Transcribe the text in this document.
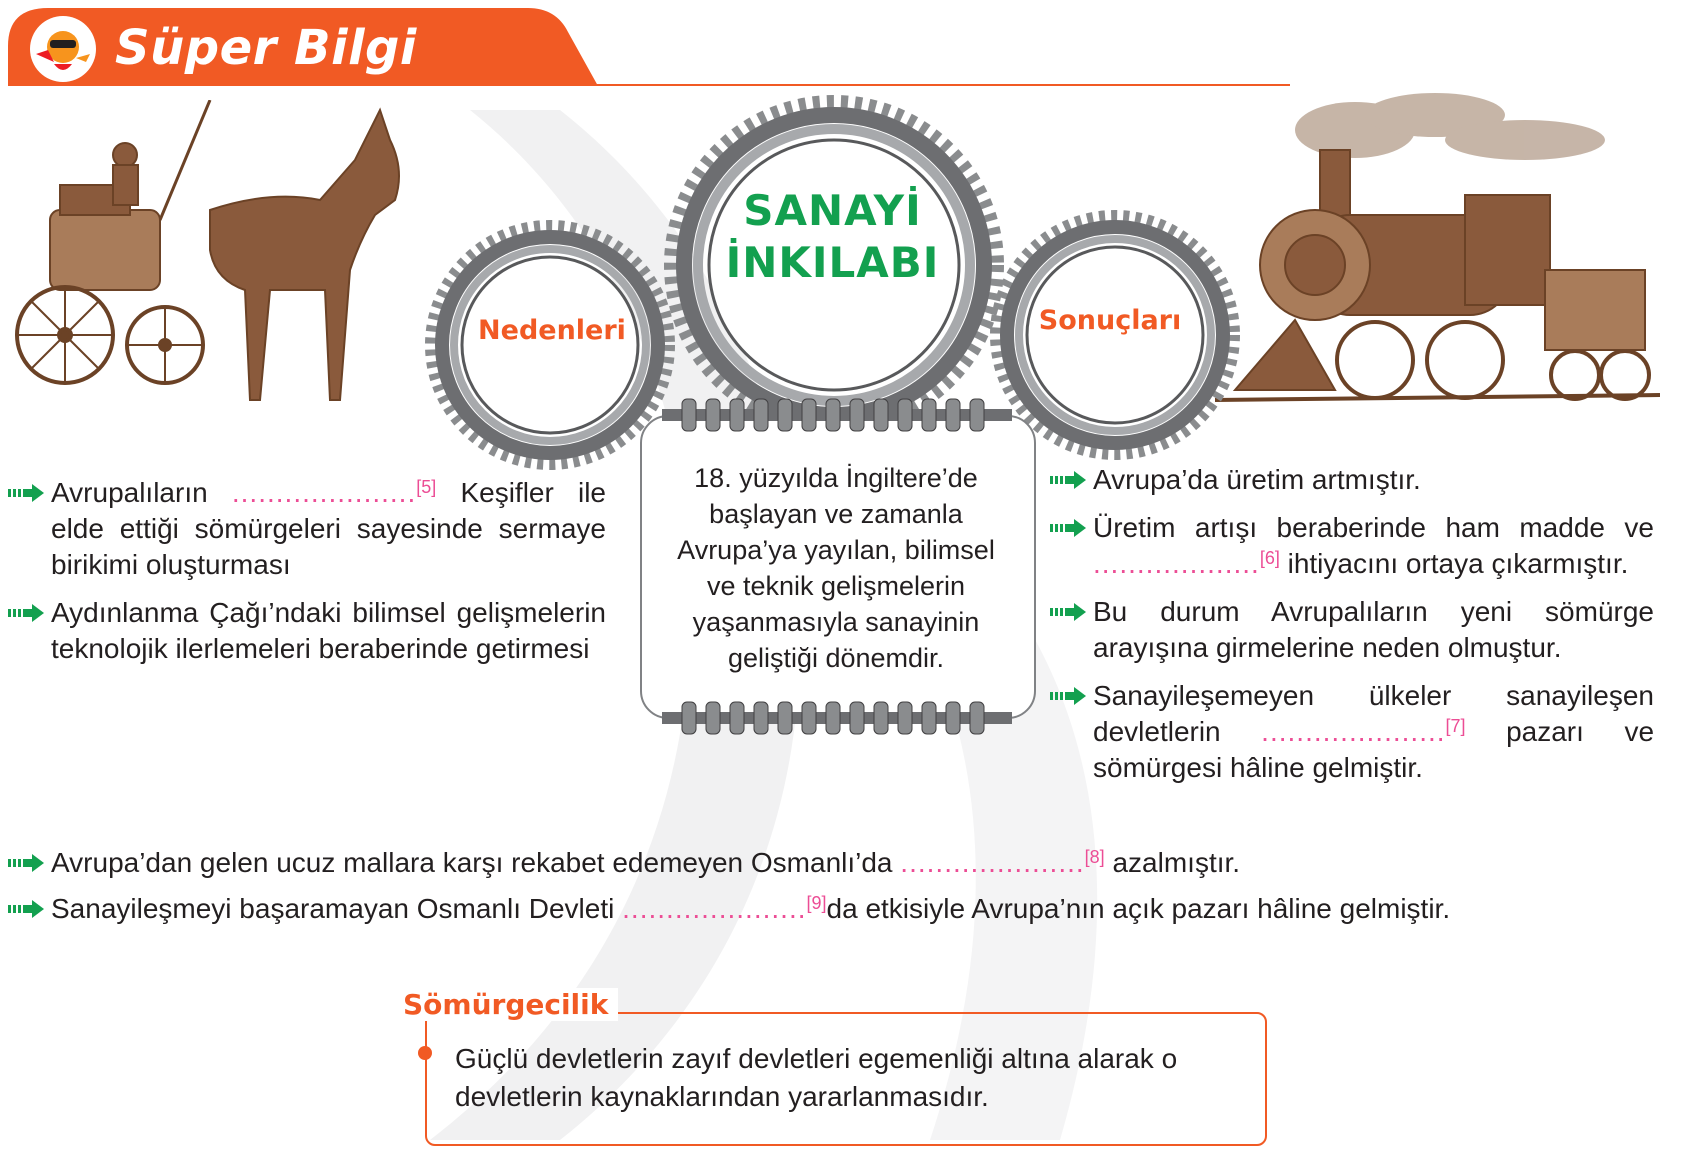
Süper Bilgi
Nedenleri	Sonuçları
SANAYİ
İNKILABI
18. yüzyılda İngiltere’de başlayan ve zamanla Avrupa’ya yayılan, bilimsel ve teknik gelişmelerin yaşanmasıyla sanayinin geliştiği dönemdir.
Avrupalıların .....................[5] Keşifler ile elde ettiği sömürgeleri sayesinde sermaye birikimi oluşturması
Aydınlanma Çağı’ndaki bilimsel gelişmelerin teknolojik ilerlemeleri beraberinde getirmesi
Avrupa’da üretim artmıştır.
Üretim artışı beraberinde ham madde ve ...................[6] ihtiyacını ortaya çıkarmıştır.
Bu durum Avrupalıların yeni sömürge arayışına girmelerine neden olmuştur.
Sanayileşemeyen ülkeler sanayileşen devletlerin .....................[7] pazarı ve sömürgesi hâline gelmiştir.
Avrupa’dan gelen ucuz mallara karşı rekabet edemeyen Osmanlı’da .....................[8] azalmıştır.
Sanayileşmeyi başaramayan Osmanlı Devleti .....................[9]da etkisiyle Avrupa’nın açık pazarı hâline gelmiştir.
Sömürgecilik
Güçlü devletlerin zayıf devletleri egemenliği altına alarak o devletlerin kaynaklarından yararlanmasıdır.
